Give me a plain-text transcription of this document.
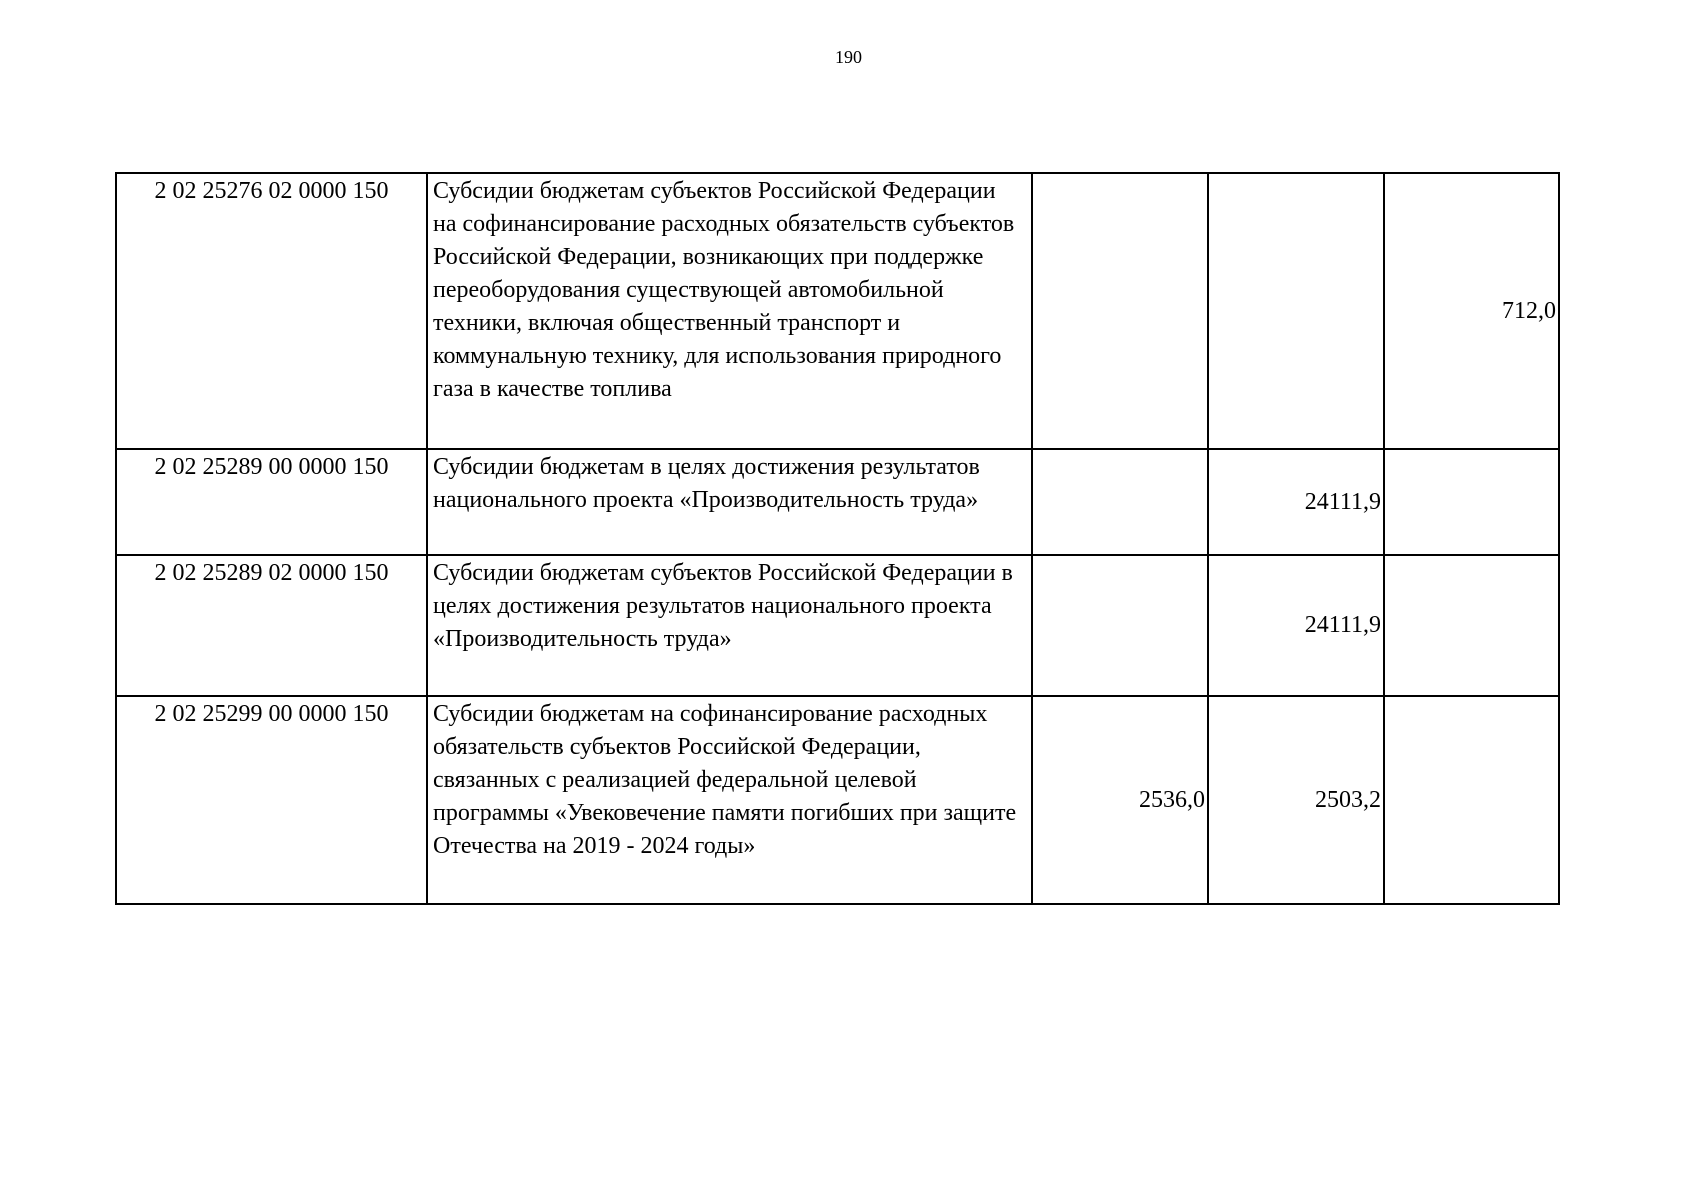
190
2 02 25276 02 0000 150	Субсидии бюджетам субъектов Российской Федерации на софинансирование расходных обязательств субъектов Российской Федерации, возникающих при поддержке переоборудования существующей автомобильной техники, включая общественный транспорт и коммунальную технику, для использования природного газа в качестве топлива			712,0
2 02 25289 00 0000 150	Субсидии бюджетам в целях достижения результатов национального проекта «Производительность труда»		24111,9	
2 02 25289 02 0000 150	Субсидии бюджетам субъектов Российской Федерации в целях достижения результатов национального проекта «Производительность труда»		24111,9	
2 02 25299 00 0000 150	Субсидии бюджетам на софинансирование расходных обязательств субъектов Российской Федерации, связанных с реализацией федеральной целевой программы «Увековечение памяти погибших при защите Отечества на 2019 - 2024 годы»	2536,0	2503,2	
